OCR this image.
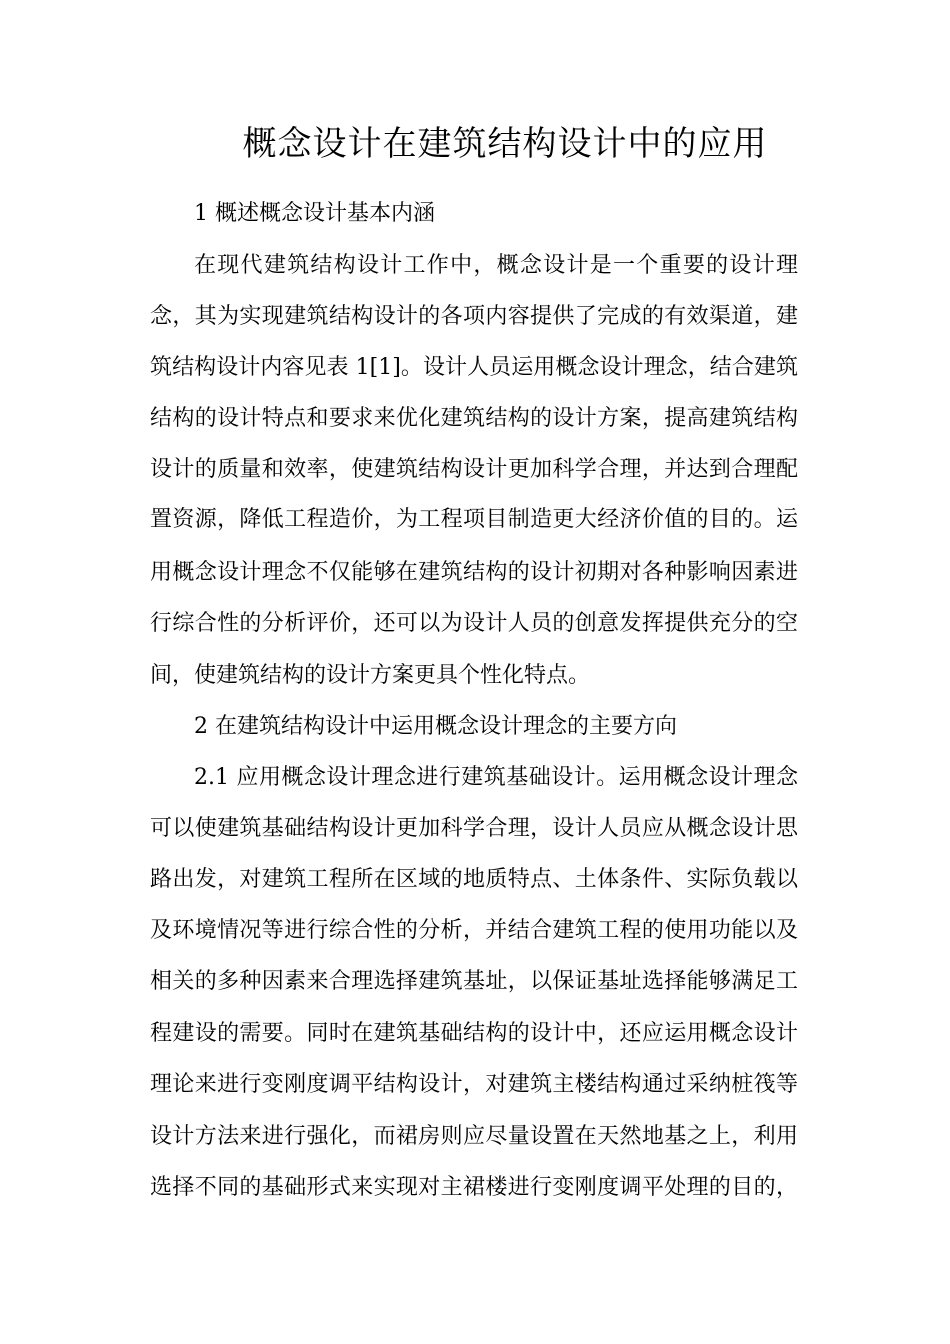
概念设计在建筑结构设计中的应用
1 概述概念设计基本内涵
在现代建筑结构设计工作中，概念设计是一个重要的设计理
念，其为实现建筑结构设计的各项内容提供了完成的有效渠道，建
筑结构设计内容见表 1[1]。设计人员运用概念设计理念，结合建筑
结构的设计特点和要求来优化建筑结构的设计方案，提高建筑结构
设计的质量和效率，使建筑结构设计更加科学合理，并达到合理配
置资源，降低工程造价，为工程项目制造更大经济价值的目的。运
用概念设计理念不仅能够在建筑结构的设计初期对各种影响因素进
行综合性的分析评价，还可以为设计人员的创意发挥提供充分的空
间，使建筑结构的设计方案更具个性化特点。
2 在建筑结构设计中运用概念设计理念的主要方向
2.1 应用概念设计理念进行建筑基础设计。运用概念设计理念
可以使建筑基础结构设计更加科学合理，设计人员应从概念设计思
路出发，对建筑工程所在区域的地质特点、土体条件、实际负载以
及环境情况等进行综合性的分析，并结合建筑工程的使用功能以及
相关的多种因素来合理选择建筑基址，以保证基址选择能够满足工
程建设的需要。同时在建筑基础结构的设计中，还应运用概念设计
理论来进行变刚度调平结构设计，对建筑主楼结构通过采纳桩筏等
设计方法来进行强化，而裙房则应尽量设置在天然地基之上，利用
选择不同的基础形式来实现对主裙楼进行变刚度调平处理的目的，
